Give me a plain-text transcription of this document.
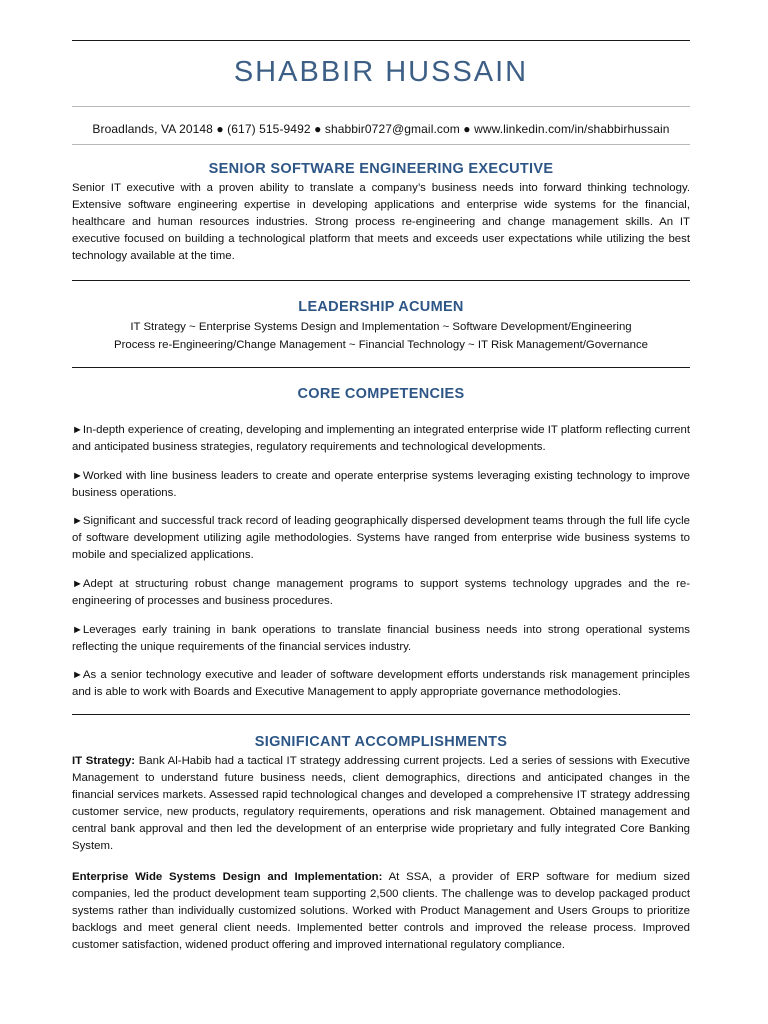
SHABBIR HUSSAIN
Broadlands, VA 20148 ● (617) 515-9492 ● shabbir0727@gmail.com ● www.linkedin.com/in/shabbirhussain
SENIOR SOFTWARE ENGINEERING EXECUTIVE
Senior IT executive with a proven ability to translate a company’s business needs into forward thinking technology. Extensive software engineering expertise in developing applications and enterprise wide systems for the financial, healthcare and human resources industries. Strong process re-engineering and change management skills. An IT executive focused on building a technological platform that meets and exceeds user expectations while utilizing the best technology available at the time.
LEADERSHIP ACUMEN
IT Strategy ~ Enterprise Systems Design and Implementation ~ Software Development/Engineering
Process re-Engineering/Change Management ~ Financial Technology ~ IT Risk Management/Governance
CORE COMPETENCIES
►In-depth experience of creating, developing and implementing an integrated enterprise wide IT platform reflecting current and anticipated business strategies, regulatory requirements and technological developments.
►Worked with line business leaders to create and operate enterprise systems leveraging existing technology to improve business operations.
►Significant and successful track record of leading geographically dispersed development teams through the full life cycle of software development utilizing agile methodologies. Systems have ranged from enterprise wide business systems to mobile and specialized applications.
►Adept at structuring robust change management programs to support systems technology upgrades and the re-engineering of processes and business procedures.
►Leverages early training in bank operations to translate financial business needs into strong operational systems reflecting the unique requirements of the financial services industry.
►As a senior technology executive and leader of software development efforts understands risk management principles and is able to work with Boards and Executive Management to apply appropriate governance methodologies.
SIGNIFICANT ACCOMPLISHMENTS
IT Strategy: Bank Al-Habib had a tactical IT strategy addressing current projects. Led a series of sessions with Executive Management to understand future business needs, client demographics, directions and anticipated changes in the financial services markets. Assessed rapid technological changes and developed a comprehensive IT strategy addressing customer service, new products, regulatory requirements, operations and risk management. Obtained management and central bank approval and then led the development of an enterprise wide proprietary and fully integrated Core Banking System.
Enterprise Wide Systems Design and Implementation: At SSA, a provider of ERP software for medium sized companies, led the product development team supporting 2,500 clients. The challenge was to develop packaged product systems rather than individually customized solutions. Worked with Product Management and Users Groups to prioritize backlogs and meet general client needs. Implemented better controls and improved the release process. Improved customer satisfaction, widened product offering and improved international regulatory compliance.
